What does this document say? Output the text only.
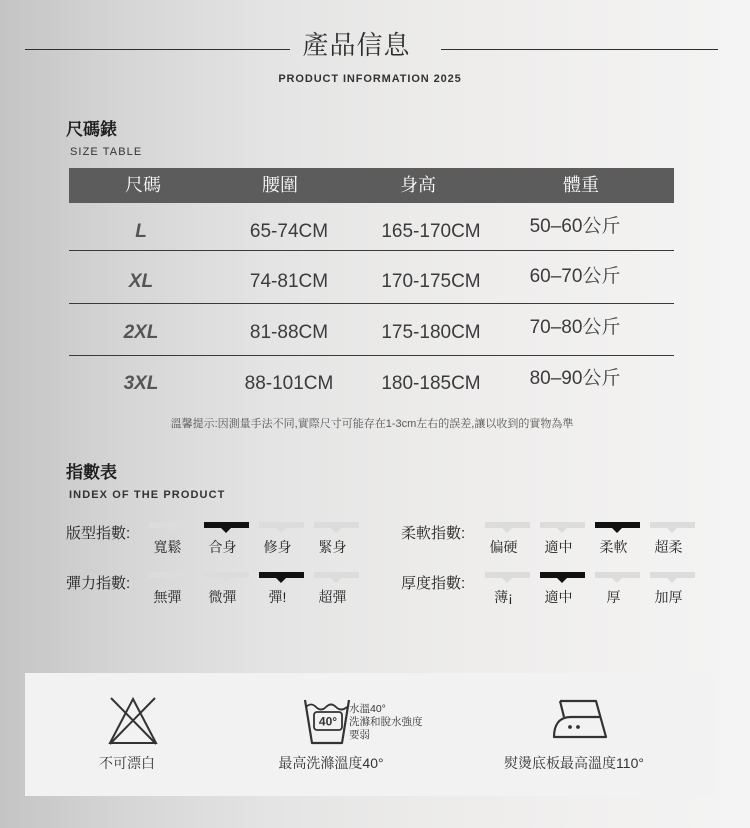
產品信息
PRODUCT INFORMATION 2025
尺碼錶
SIZE TABLE
尺碼	腰圍	身高	體重
L	65-74CM	165-170CM	50–60公斤
XL	74-81CM	170-175CM	60–70公斤
2XL	81-88CM	175-180CM	70–80公斤
3XL	88-101CM	180-185CM	80–90公斤
溫馨提示:因測量手法不同,實際尺寸可能存在1-3cm左右的誤差,讓以收到的實物為準
指數表
INDEX OF THE PRODUCT
版型指數:
寬鬆	合身	修身	緊身
柔軟指數:
偏硬	適中	柔軟	超柔
彈力指數:
無彈	微彈	彈!	超彈
厚度指數:
薄¡	適中	厚	加厚
不可漂白
40°
水溫40°
洗滌和脫水強度
要弱
最高洗滌溫度40°	熨燙底板最高溫度110°
